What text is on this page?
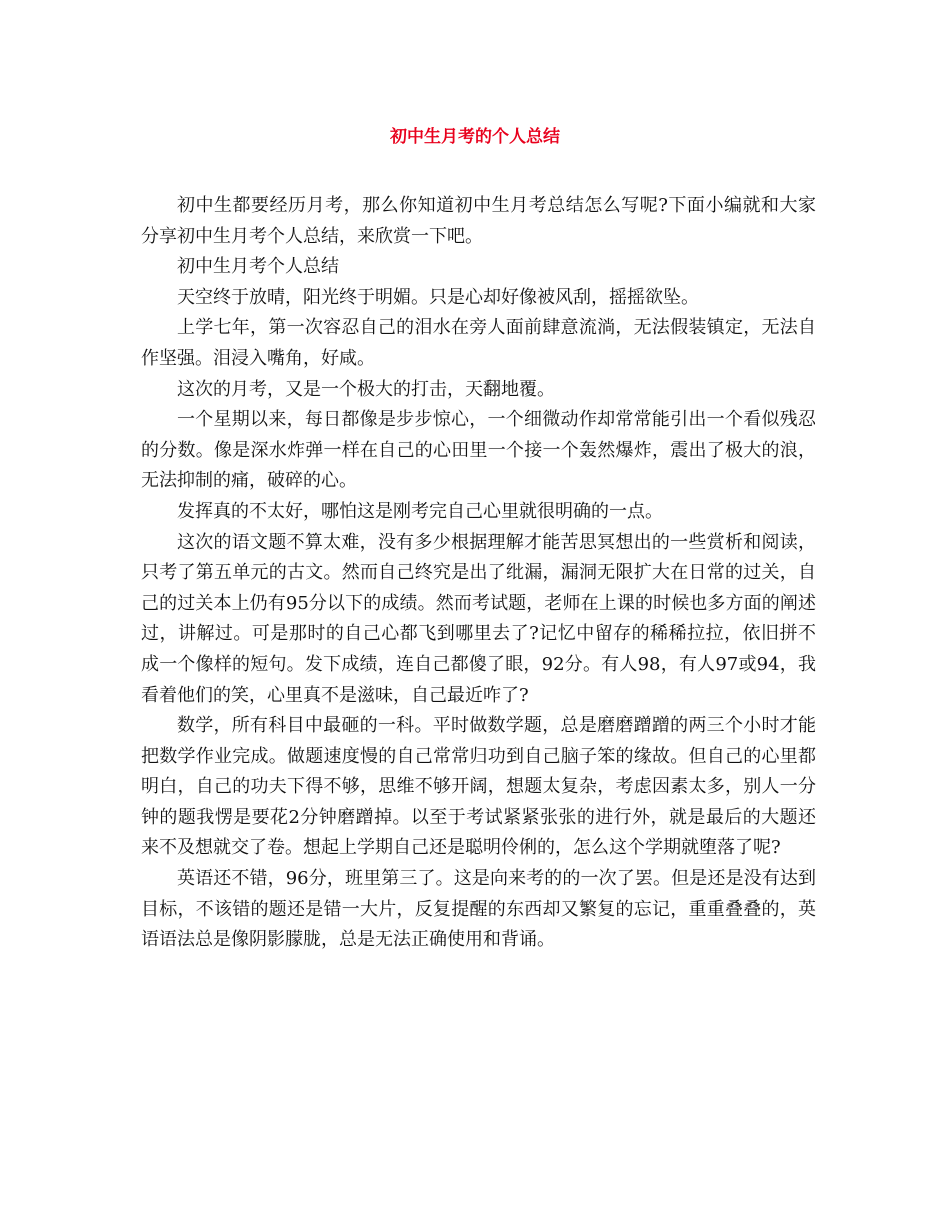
初中生月考的个人总结

初中生都要经历月考，那么你知道初中生月考总结怎么写呢?下面小编就和大家分享初中生月考个人总结，来欣赏一下吧。

初中生月考个人总结

天空终于放晴，阳光终于明媚。只是心却好像被风刮，摇摇欲坠。

上学七年，第一次容忍自己的泪水在旁人面前肆意流淌，无法假装镇定，无法自作坚强。泪浸入嘴角，好咸。

这次的月考，又是一个极大的打击，天翻地覆。

一个星期以来，每日都像是步步惊心，一个细微动作却常常能引出一个看似残忍的分数。像是深水炸弹一样在自己的心田里一个接一个轰然爆炸，震出了极大的浪，无法抑制的痛，破碎的心。

发挥真的不太好，哪怕这是刚考完自己心里就很明确的一点。

这次的语文题不算太难，没有多少根据理解才能苦思冥想出的一些赏析和阅读，只考了第五单元的古文。然而自己终究是出了纰漏，漏洞无限扩大在日常的过关，自己的过关本上仍有95分以下的成绩。然而考试题，老师在上课的时候也多方面的阐述过，讲解过。可是那时的自己心都飞到哪里去了?记忆中留存的稀稀拉拉，依旧拼不成一个像样的短句。发下成绩，连自己都傻了眼，92分。有人98，有人97或94，我看着他们的笑，心里真不是滋味，自己最近咋了?

数学，所有科目中最砸的一科。平时做数学题，总是磨磨蹭蹭的两三个小时才能把数学作业完成。做题速度慢的自己常常归功到自己脑子笨的缘故。但自己的心里都明白，自己的功夫下得不够，思维不够开阔，想题太复杂，考虑因素太多，别人一分钟的题我愣是要花2分钟磨蹭掉。以至于考试紧紧张张的进行外，就是最后的大题还来不及想就交了卷。想起上学期自己还是聪明伶俐的，怎么这个学期就堕落了呢?

英语还不错，96分，班里第三了。这是向来考的的一次了罢。但是还是没有达到目标，不该错的题还是错一大片，反复提醒的东西却又繁复的忘记，重重叠叠的，英语语法总是像阴影朦胧，总是无法正确使用和背诵。
